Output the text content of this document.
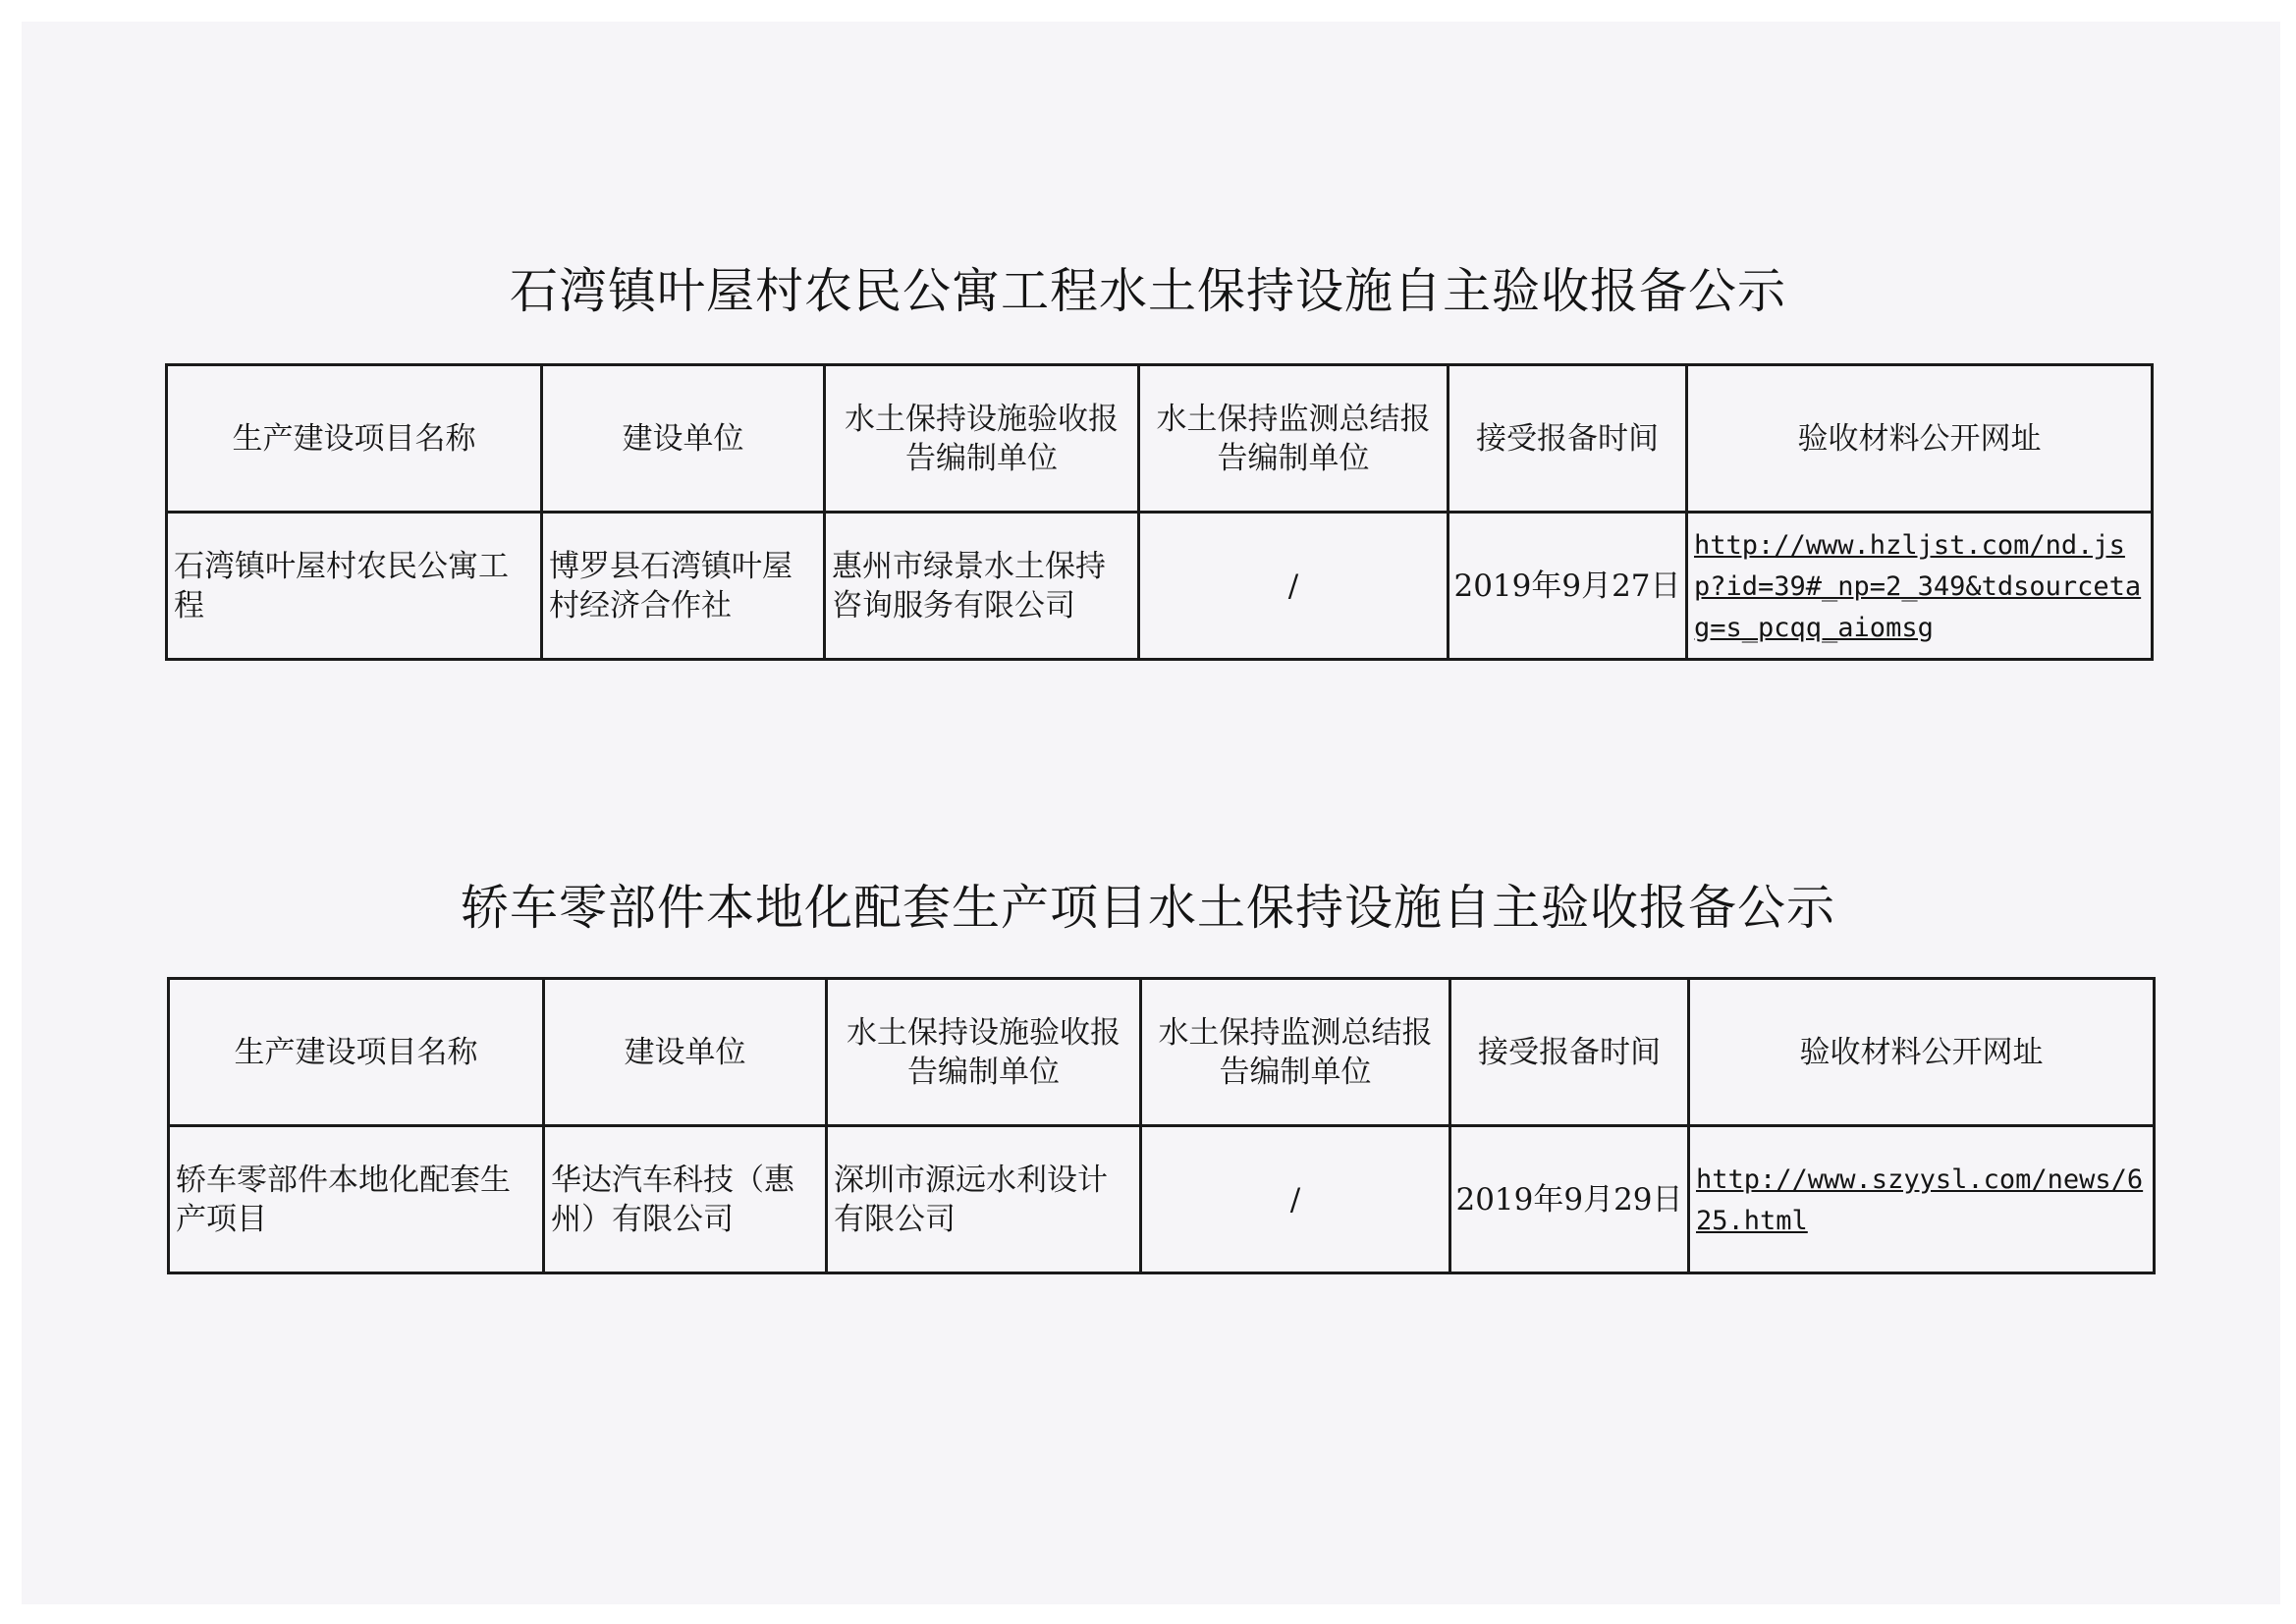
石湾镇叶屋村农民公寓工程水土保持设施自主验收报备公示
生产建设项目名称	建设单位	水土保持设施验收报告编制单位	水土保持监测总结报告编制单位	接受报备时间	验收材料公开网址
石湾镇叶屋村农民公寓工程	博罗县石湾镇叶屋村经济合作社	惠州市绿景水土保持咨询服务有限公司	/	2019年9月27日	http://www.hzljst.com/nd.jsp?id=39#_np=2_349&tdsourcetag=s_pcqq_aiomsg
轿车零部件本地化配套生产项目水土保持设施自主验收报备公示
生产建设项目名称	建设单位	水土保持设施验收报告编制单位	水土保持监测总结报告编制单位	接受报备时间	验收材料公开网址
轿车零部件本地化配套生产项目	华达汽车科技（惠州）有限公司	深圳市源远水利设计有限公司	/	2019年9月29日	http://www.szyysl.com/news/625.html
